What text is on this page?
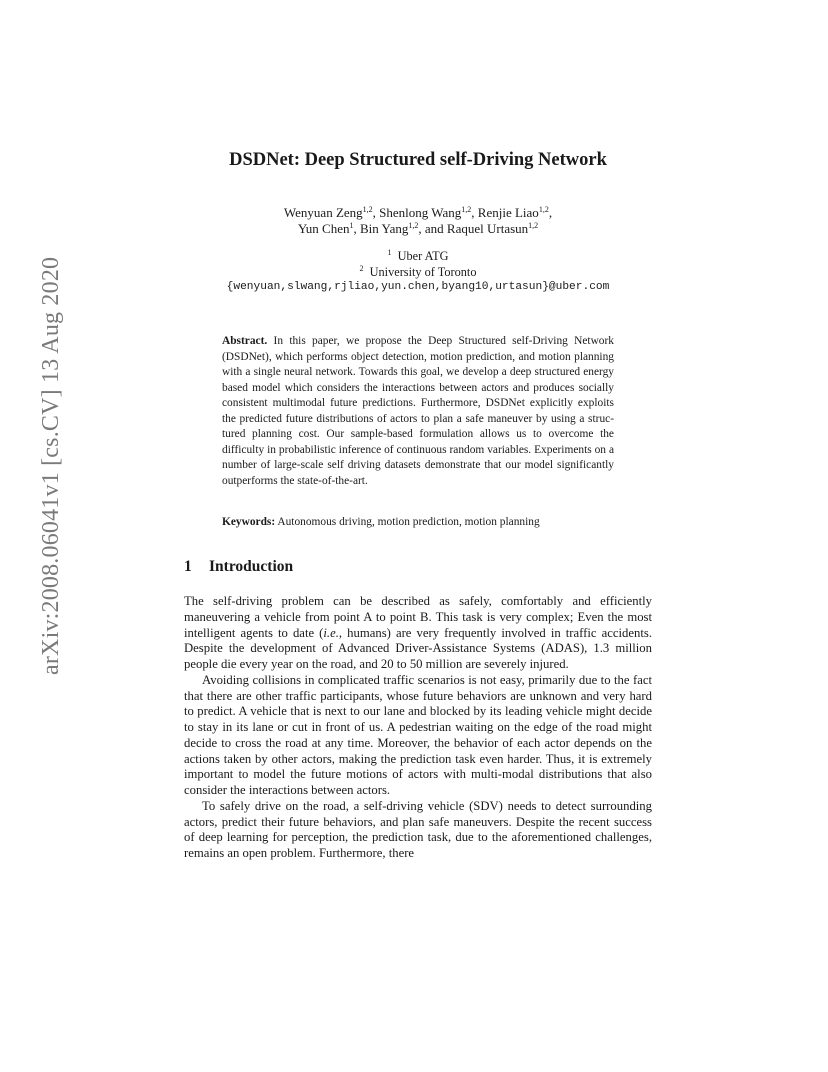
arXiv:2008.06041v1 [cs.CV] 13 Aug 2020
DSDNet: Deep Structured self-Driving Network
Wenyuan Zeng$^{1,2}$, Shenlong Wang$^{1,2}$, Renjie Liao$^{1,2}$,
Yun Chen$^1$, Bin Yang$^{1,2}$, and Raquel Urtasun$^{1,2}$
$^1$ Uber ATG
$^2$ University of Toronto
{wenyuan,slwang,rjliao,yun.chen,byang10,urtasun}@uber.com
Abstract. In this paper, we propose the Deep Structured self-Driving Network (DSDNet), which performs object detection, motion prediction, and motion planning with a single neural network. Towards this goal, we develop a deep structured energy based model which considers the interactions between actors and produces socially consistent multimodal future predictions. Furthermore, DSDNet explicitly exploits the predicted future distributions of actors to plan a safe maneuver by using a structured planning cost. Our sample-based formulation allows us to overcome the difficulty in probabilistic inference of continuous random variables. Experiments on a number of large-scale self driving datasets demonstrate that our model significantly outperforms the state-of-the-art.
Keywords: Autonomous driving, motion prediction, motion planning
1 Introduction

The self-driving problem can be described as safely, comfortably and efficiently maneuvering a vehicle from point A to point B. This task is very complex; Even the most intelligent agents to date (i.e., humans) are very frequently involved in traffic accidents. Despite the development of Advanced Driver-Assistance Systems (ADAS), 1.3 million people die every year on the road, and 20 to 50 million are severely injured.

Avoiding collisions in complicated traffic scenarios is not easy, primarily due to the fact that there are other traffic participants, whose future behaviors are unknown and very hard to predict. A vehicle that is next to our lane and blocked by its leading vehicle might decide to stay in its lane or cut in front of us. A pedestrian waiting on the edge of the road might decide to cross the road at any time. Moreover, the behavior of each actor depends on the actions taken by other actors, making the prediction task even harder. Thus, it is extremely important to model the future motions of actors with multi-modal distributions that also consider the interactions between actors.

To safely drive on the road, a self-driving vehicle (SDV) needs to detect surrounding actors, predict their future behaviors, and plan safe maneuvers. Despite the recent success of deep learning for perception, the prediction task, due to the aforementioned challenges, remains an open problem. Furthermore, there
